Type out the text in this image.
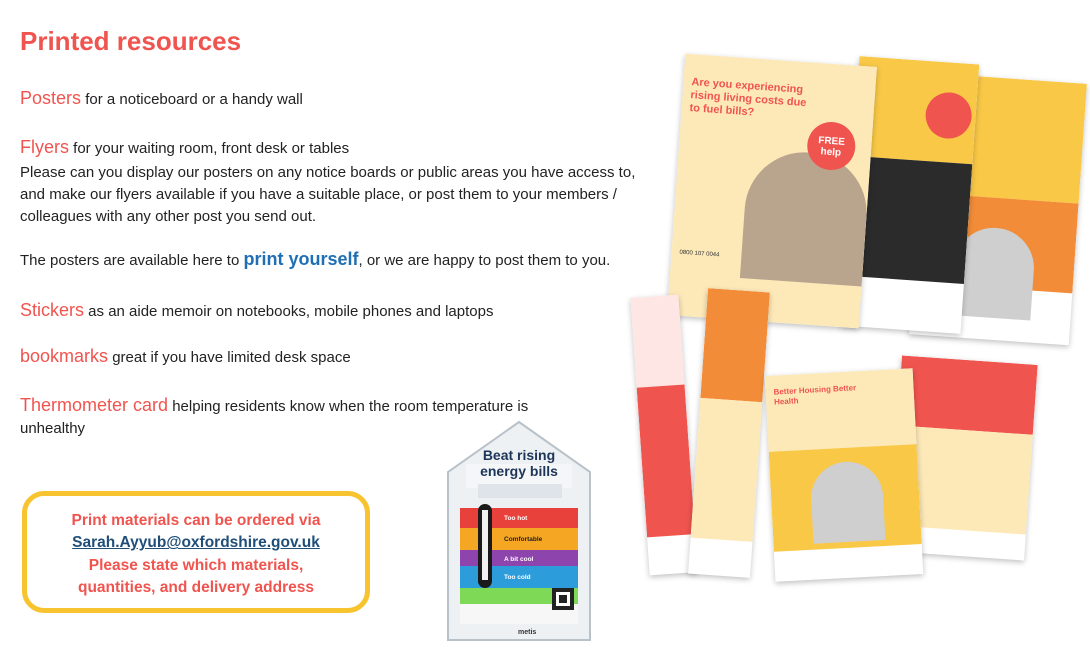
Printed resources
Posters for a noticeboard or a handy wall
Flyers for your waiting room, front desk or tables
Please can you display our posters on any notice boards or public areas you have access to, and make our flyers available if you have a suitable place, or post them to your members / colleagues with any other post you send out.
The posters are available here to print yourself, or we are happy to post them to you.
Stickers as an aide memoir on notebooks, mobile phones and laptops
bookmarks great if you have limited desk space
Thermometer card helping residents know when the room temperature is unhealthy
Print materials can be ordered via
Sarah.Ayyub@oxfordshire.gov.uk
Please state which materials,
quantities, and delivery address
Beat rising
energy bills
Too hot
Comfortable
A bit cool
Too cold
metis
FREE help
Are you experiencing rising living costs due to fuel bills?
0800 107 0044
Better Housing Better Health
